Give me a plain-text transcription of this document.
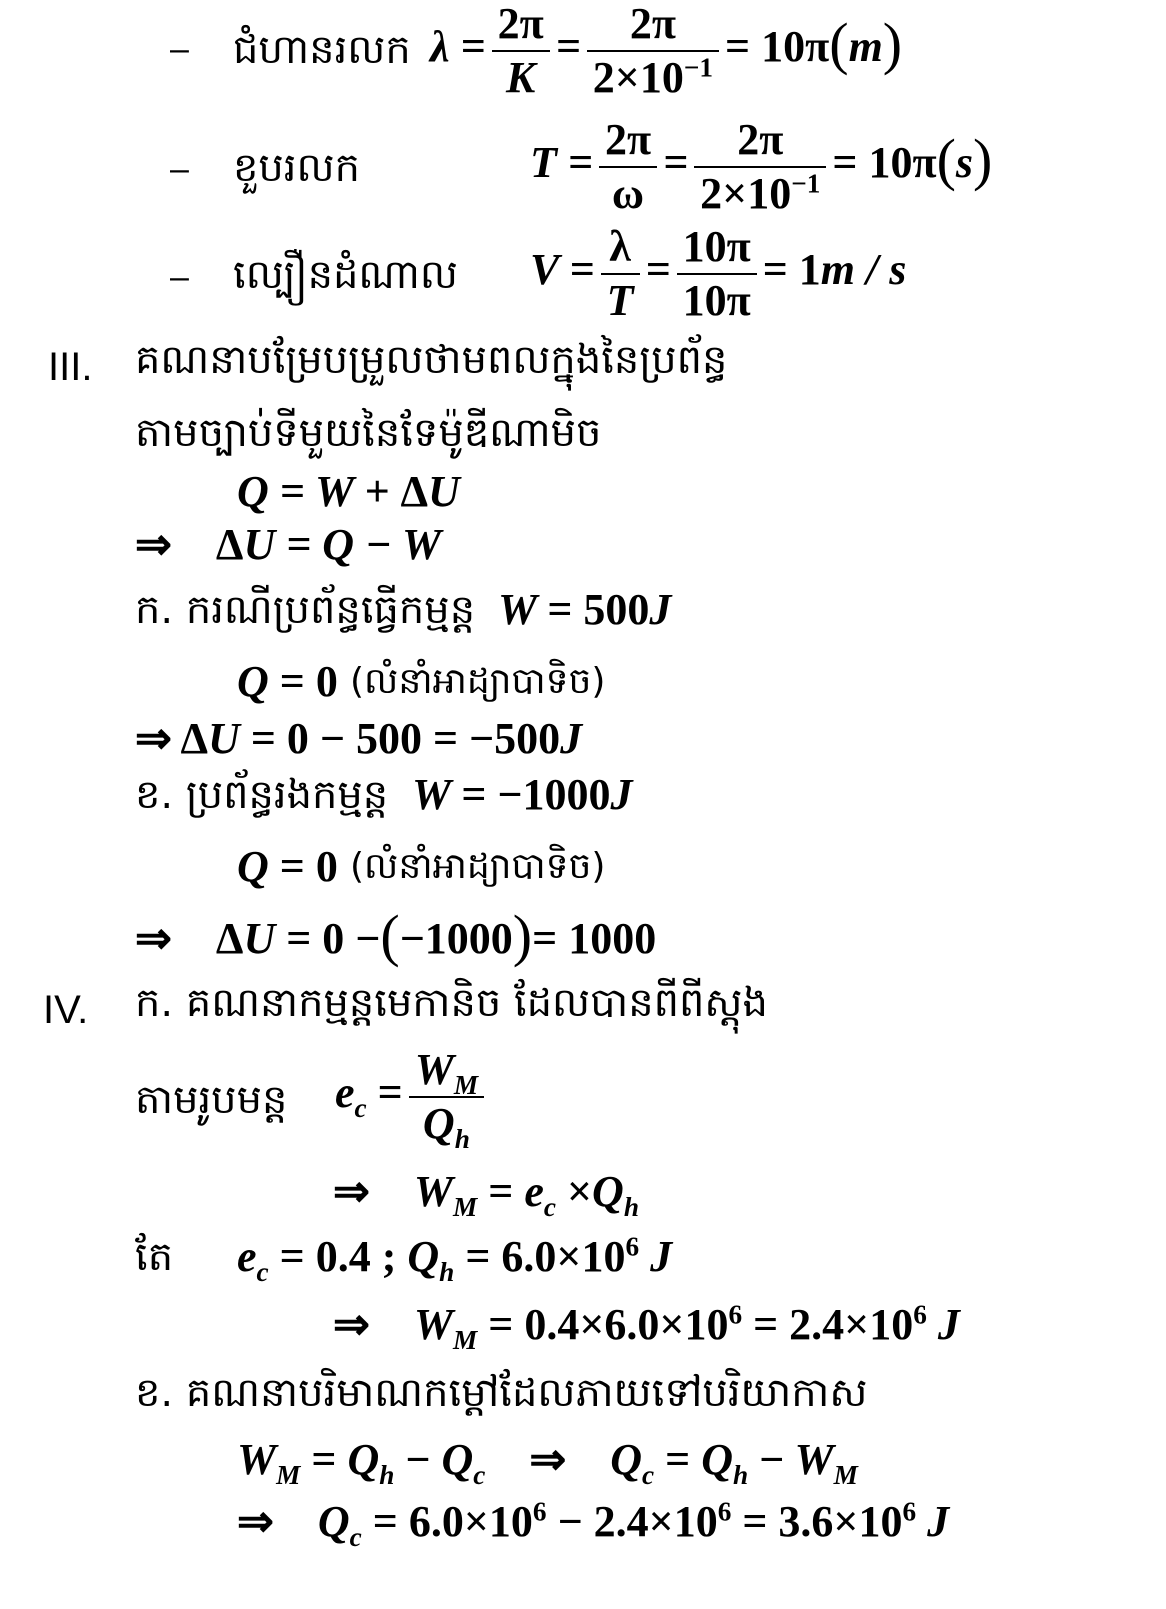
– ជំហានរលក $\lambda = \frac{2\pi}{K} = \frac{2\pi}{2\times 10^{-1}} = 10\pi(m)$
– ខួបរលក	$T = \frac{2\pi}{\omega} = \frac{2\pi}{2\times 10^{-1}} = 10\pi(s)$
– ល្បឿនដំណាល $V = \frac{\lambda}{T} = \frac{10\pi}{10\pi} = 1m / s$
III. គណនាបម្រែបម្រួលថាមពលក្នុងនៃប្រព័ន្ធ
តាមច្បាប់ទីមួយនៃទែម៉ូឌីណាមិច
Q = W + ΔU
⇒    ΔU = Q − W
ក. ករណីប្រព័ន្ធធ្វើកម្មន្ត W = 500J
Q = 0 (លំនាំអាដ្យាបាទិច)
⇒ ΔU = 0 − 500 = −500J
ខ. ប្រព័ន្ធរងកម្មន្ត W = −1000J
Q = 0 (លំនាំអាដ្យាបាទិច)
⇒    ΔU = 0 −(−1000)= 1000
IV. ក. គណនាកម្មន្តមេកានិច ដែលបានពីពីស្តុង
តាមរូបមន្ត $e_c = \frac{W_M}{Q_h}$
⇒    $W_M = e_c \times Q_h$
តែ $e_c = 0.4$ ; $Q_h = 6.0\times 10^6$ J
⇒    $W_M = 0.4\times 6.0\times 10^6 = 2.4\times 10^6$ J
ខ. គណនាបរិមាណកម្ដៅដែលភាយទៅបរិយាកាស
$W_M = Q_h - Q_c$    ⇒    $Q_c = Q_h - W_M$
⇒    $Q_c = 6.0\times 10^6 - 2.4\times 10^6 = 3.6\times 10^6$ J
